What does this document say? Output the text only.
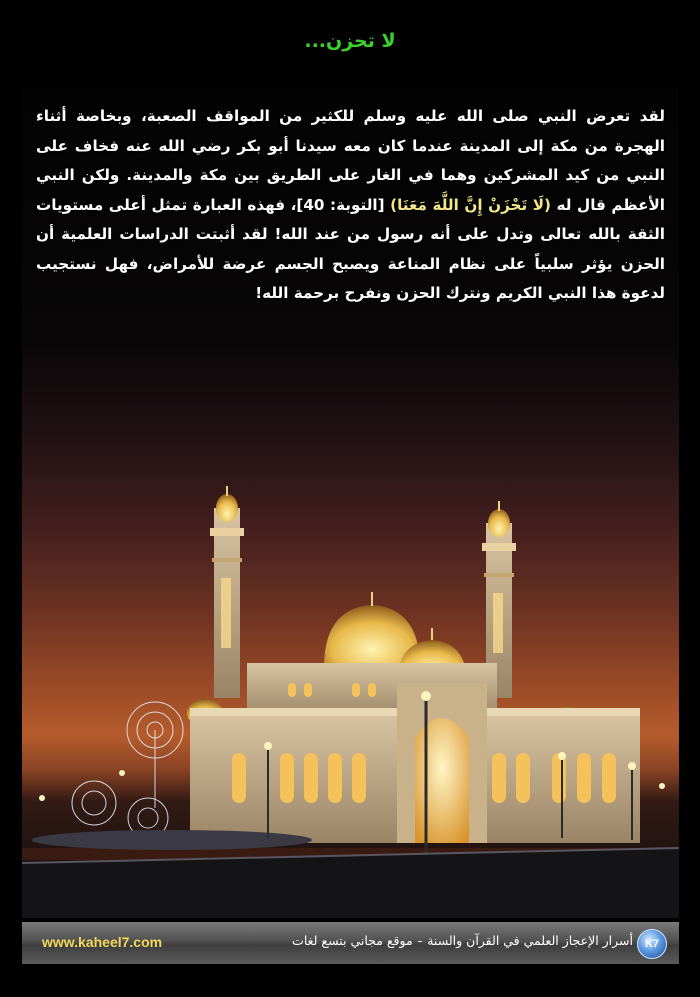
لا تحزن...
لقد تعرض النبي صلى الله عليه وسلم للكثير من المواقف الصعبة، وبخاصة أثناء الهجرة من مكة إلى المدينة عندما كان معه سيدنا أبو بكر رضي الله عنه فخاف على النبي من كيد المشركين وهما في الغار على الطريق بين مكة والمدينة. ولكن النبي الأعظم قال له (لَا تَحْزَنْ إِنَّ اللَّهَ مَعَنَا) [التوبة: 40]، فهذه العبارة تمثل أعلى مستويات الثقة بالله تعالى وتدل على أنه رسول من عند الله! لقد أثبتت الدراسات العلمية أن الحزن يؤثر سلبياً على نظام المناعة ويصبح الجسم عرضة للأمراض، فهل نستجيب لدعوة هذا النبي الكريم ونترك الحزن ونفرح برحمة الله!
www.kaheel7.com	أسرار الإعجاز العلمي في القرآن والسنة-موقع مجاني بتسع لغات	K7
